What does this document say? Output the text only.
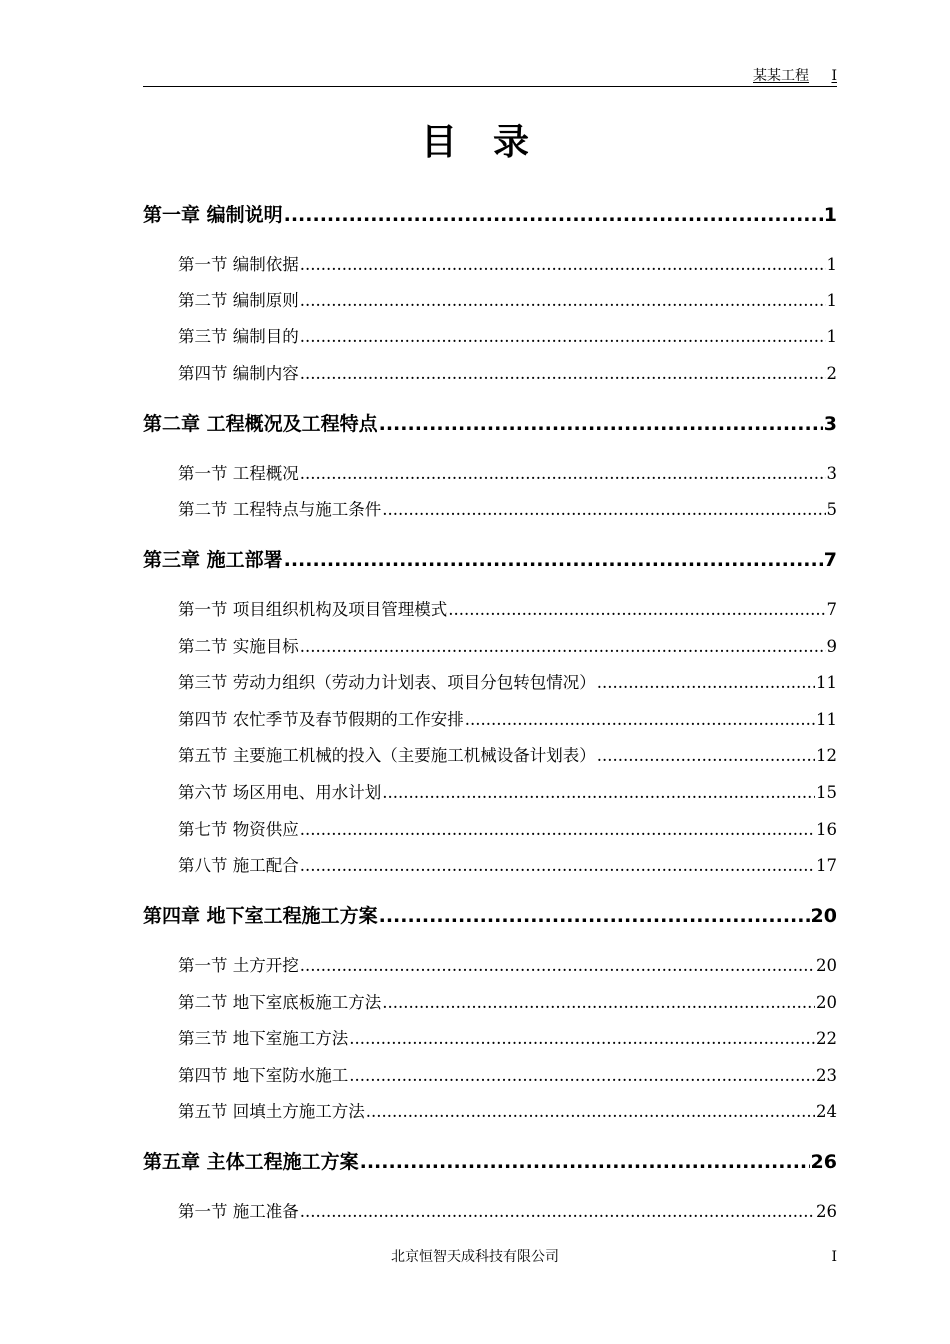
某某工程 I
目录
第一章 编制说明 .....	1
第一节 编制依据 .....	1
第二节 编制原则 .....	1
第三节 编制目的 .....	1
第四节 编制内容 .....	2
第二章 工程概况及工程特点 .....	3
第一节 工程概况 .....	3
第二节 工程特点与施工条件 .....	5
第三章 施工部署 .....	7
第一节 项目组织机构及项目管理模式 .....	7
第二节 实施目标 .....	9
第三节 劳动力组织（劳动力计划表、项目分包转包情况） .....	11
第四节 农忙季节及春节假期的工作安排 .....	11
第五节 主要施工机械的投入（主要施工机械设备计划表） .....	12
第六节 场区用电、用水计划 .....	15
第七节 物资供应 .....	16
第八节 施工配合 .....	17
第四章 地下室工程施工方案 .....	20
第一节 土方开挖 .....	20
第二节 地下室底板施工方法 .....	20
第三节 地下室施工方法 .....	22
第四节 地下室防水施工 .....	23
第五节 回填土方施工方法 .....	24
第五章 主体工程施工方案 .....	26
第一节 施工准备 .....	26
北京恒智天成科技有限公司	I
